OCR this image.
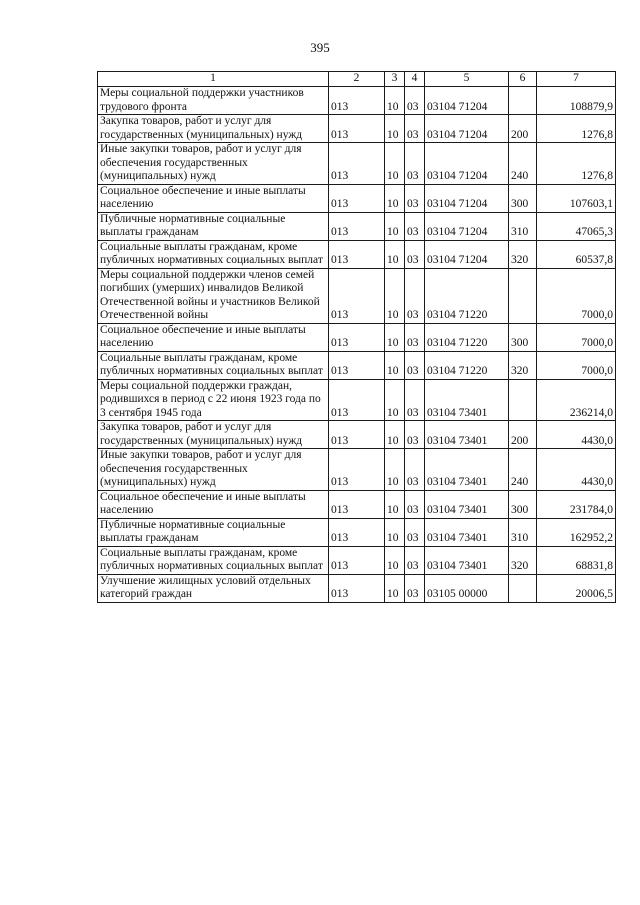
395
1	2	3	4	5	6	7
Меры социальной поддержки участников трудового фронта	013	10	03	03104 71204		108879,9
Закупка товаров, работ и услуг для государственных (муниципальных) нужд	013	10	03	03104 71204	200	1276,8
Иные закупки товаров, работ и услуг для обеспечения государственных (муниципальных) нужд	013	10	03	03104 71204	240	1276,8
Социальное обеспечение и иные выплаты населению	013	10	03	03104 71204	300	107603,1
Публичные нормативные социальные выплаты гражданам	013	10	03	03104 71204	310	47065,3
Социальные выплаты гражданам, кроме публичных нормативных социальных выплат	013	10	03	03104 71204	320	60537,8
Меры социальной поддержки членов семей погибших (умерших) инвалидов Великой Отечественной войны и участников Великой Отечественной войны	013	10	03	03104 71220		7000,0
Социальное обеспечение и иные выплаты населению	013	10	03	03104 71220	300	7000,0
Социальные выплаты гражданам, кроме публичных нормативных социальных выплат	013	10	03	03104 71220	320	7000,0
Меры социальной поддержки граждан, родившихся в период с 22 июня 1923 года по 3 сентября 1945 года	013	10	03	03104 73401		236214,0
Закупка товаров, работ и услуг для государственных (муниципальных) нужд	013	10	03	03104 73401	200	4430,0
Иные закупки товаров, работ и услуг для обеспечения государственных (муниципальных) нужд	013	10	03	03104 73401	240	4430,0
Социальное обеспечение и иные выплаты населению	013	10	03	03104 73401	300	231784,0
Публичные нормативные социальные выплаты гражданам	013	10	03	03104 73401	310	162952,2
Социальные выплаты гражданам, кроме публичных нормативных социальных выплат	013	10	03	03104 73401	320	68831,8
Улучшение жилищных условий отдельных категорий граждан	013	10	03	03105 00000		20006,5
